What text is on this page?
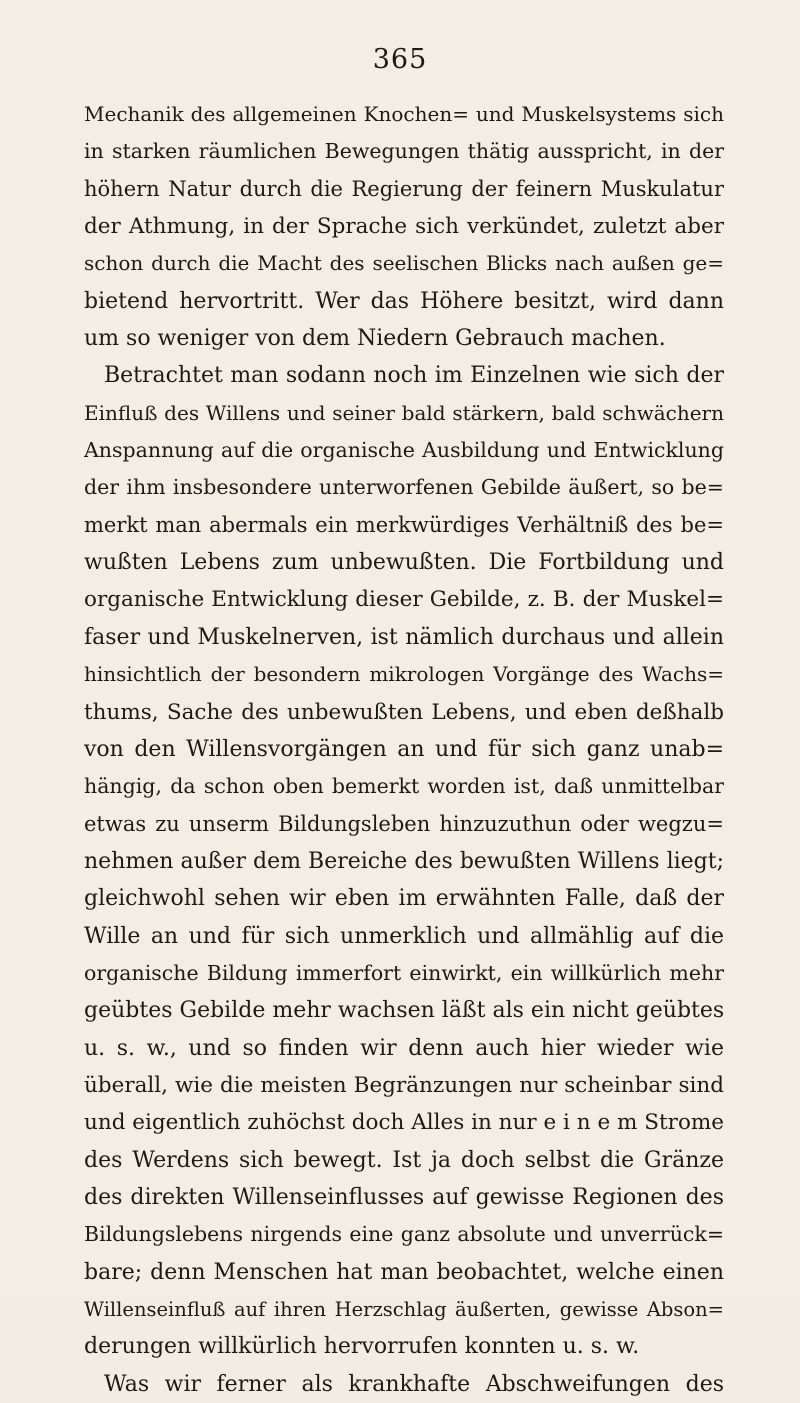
365
Mechanik des allgemeinen Knochen= und Muskelsystems sich
in starken räumlichen Bewegungen thätig ausspricht, in der
höhern Natur durch die Regierung der feinern Muskulatur
der Athmung, in der Sprache sich verkündet, zuletzt aber
schon durch die Macht des seelischen Blicks nach außen ge=
bietend hervortritt. Wer das Höhere besitzt, wird dann
um so weniger von dem Niedern Gebrauch machen.
Betrachtet man sodann noch im Einzelnen wie sich der
Einfluß des Willens und seiner bald stärkern, bald schwächern
Anspannung auf die organische Ausbildung und Entwicklung
der ihm insbesondere unterworfenen Gebilde äußert, so be=
merkt man abermals ein merkwürdiges Verhältniß des be=
wußten Lebens zum unbewußten. Die Fortbildung und
organische Entwicklung dieser Gebilde, z. B. der Muskel=
faser und Muskelnerven, ist nämlich durchaus und allein
hinsichtlich der besondern mikrologen Vorgänge des Wachs=
thums, Sache des unbewußten Lebens, und eben deßhalb
von den Willensvorgängen an und für sich ganz unab=
hängig, da schon oben bemerkt worden ist, daß unmittelbar
etwas zu unserm Bildungsleben hinzuzuthun oder wegzu=
nehmen außer dem Bereiche des bewußten Willens liegt;
gleichwohl sehen wir eben im erwähnten Falle, daß der
Wille an und für sich unmerklich und allmählig auf die
organische Bildung immerfort einwirkt, ein willkürlich mehr
geübtes Gebilde mehr wachsen läßt als ein nicht geübtes
u. s. w., und so finden wir denn auch hier wieder wie
überall, wie die meisten Begränzungen nur scheinbar sind
und eigentlich zuhöchst doch Alles in nur e i n e m Strome
des Werdens sich bewegt. Ist ja doch selbst die Gränze
des direkten Willenseinflusses auf gewisse Regionen des
Bildungslebens nirgends eine ganz absolute und unverrück=
bare; denn Menschen hat man beobachtet, welche einen
Willenseinfluß auf ihren Herzschlag äußerten, gewisse Abson=
derungen willkürlich hervorrufen konnten u. s. w.
Was wir ferner als krankhafte Abschweifungen des
